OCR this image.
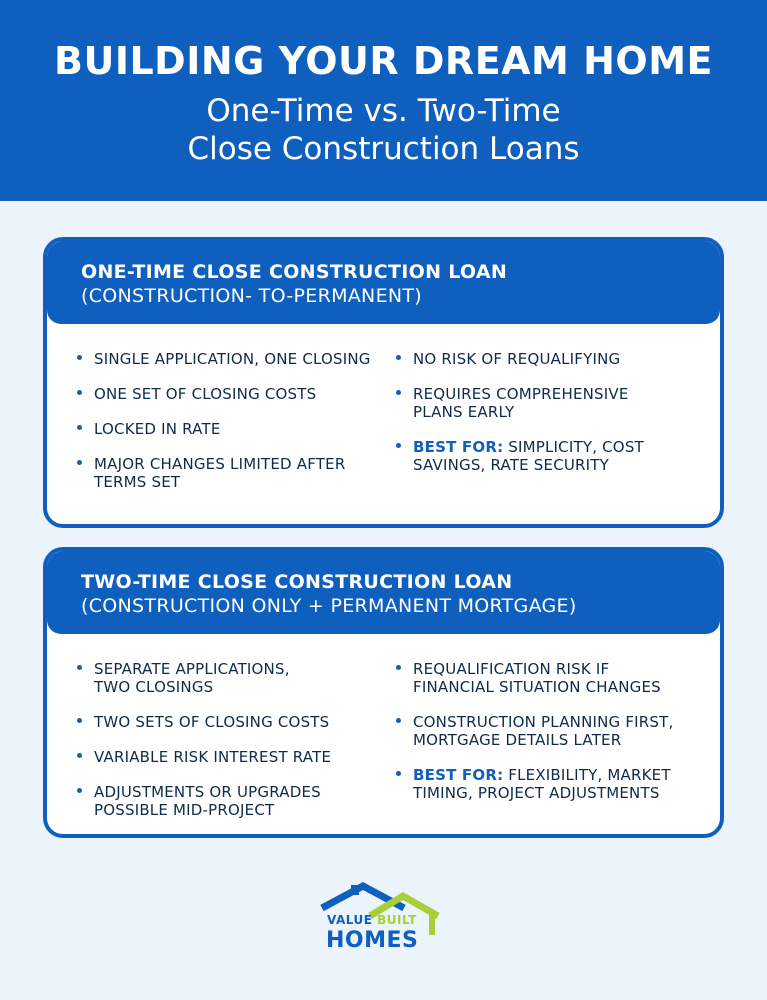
BUILDING YOUR DREAM HOME
One-Time vs. Two-Time
Close Construction Loans
ONE-TIME CLOSE CONSTRUCTION LOAN
(CONSTRUCTION- TO-PERMANENT)
SINGLE APPLICATION, ONE CLOSING
ONE SET OF CLOSING COSTS
LOCKED IN RATE
MAJOR CHANGES LIMITED AFTER TERMS SET
NO RISK OF REQUALIFYING
REQUIRES COMPREHENSIVE PLANS EARLY
BEST FOR: SIMPLICITY, COST SAVINGS, RATE SECURITY
TWO-TIME CLOSE CONSTRUCTION LOAN
(CONSTRUCTION ONLY + PERMANENT MORTGAGE)
SEPARATE APPLICATIONS, TWO CLOSINGS
TWO SETS OF CLOSING COSTS
VARIABLE RISK INTEREST RATE
ADJUSTMENTS OR UPGRADES POSSIBLE MID-PROJECT
REQUALIFICATION RISK IF FINANCIAL SITUATION CHANGES
CONSTRUCTION PLANNING FIRST, MORTGAGE DETAILS LATER
BEST FOR: FLEXIBILITY, MARKET TIMING, PROJECT ADJUSTMENTS
VALUE BUILT
HOMES
